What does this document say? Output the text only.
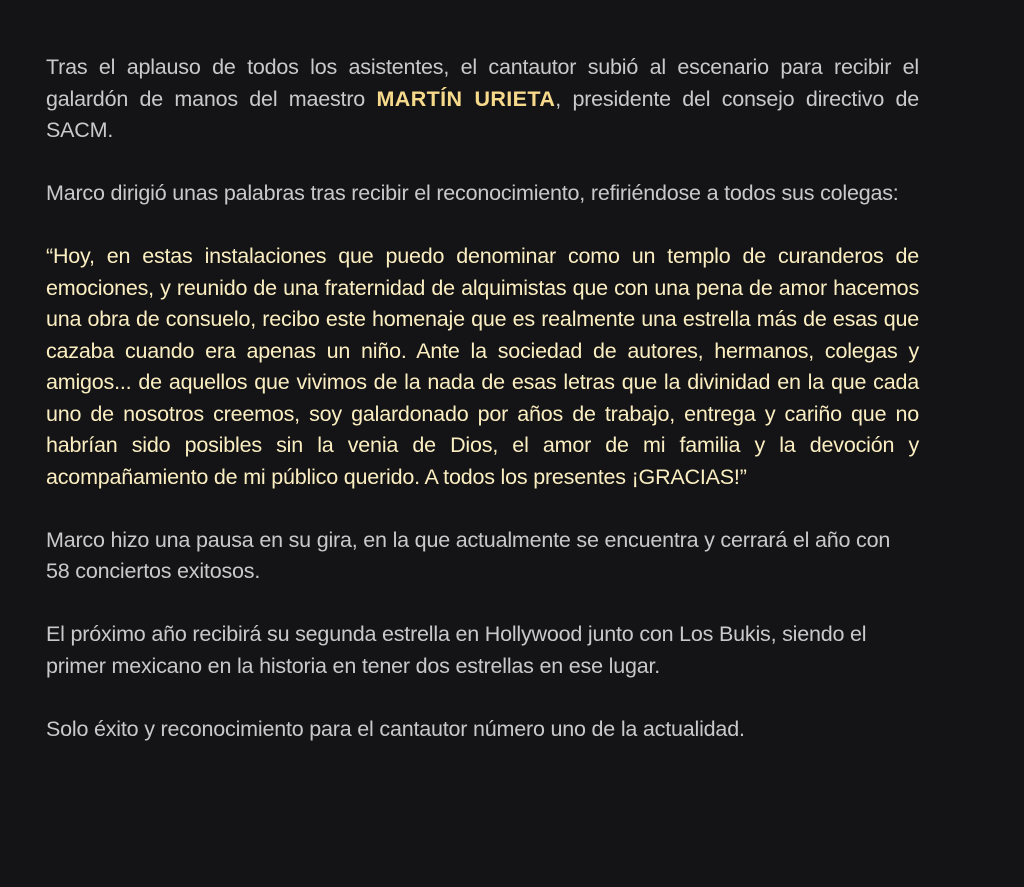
Tras el aplauso de todos los asistentes, el cantautor subió al escenario para recibir el galardón de manos del maestro MARTÍN URIETA, presidente del consejo directivo de SACM.

Marco dirigió unas palabras tras recibir el reconocimiento, refiriéndose a todos sus colegas:

“Hoy, en estas instalaciones que puedo denominar como un templo de curanderos de emociones, y reunido de una fraternidad de alquimistas que con una pena de amor hacemos una obra de consuelo, recibo este homenaje que es realmente una estrella más de esas que cazaba cuando era apenas un niño. Ante la sociedad de autores, hermanos, colegas y amigos... de aquellos que vivimos de la nada de esas letras que la divinidad en la que cada uno de nosotros creemos, soy galardonado por años de trabajo, entrega y cariño que no habrían sido posibles sin la venia de Dios, el amor de mi familia y la devoción y acompañamiento de mi público querido. A todos los presentes ¡GRACIAS!”

Marco hizo una pausa en su gira, en la que actualmente se encuentra y cerrará el año con 58 conciertos exitosos.

El próximo año recibirá su segunda estrella en Hollywood junto con Los Bukis, siendo el primer mexicano en la historia en tener dos estrellas en ese lugar.

Solo éxito y reconocimiento para el cantautor número uno de la actualidad.
